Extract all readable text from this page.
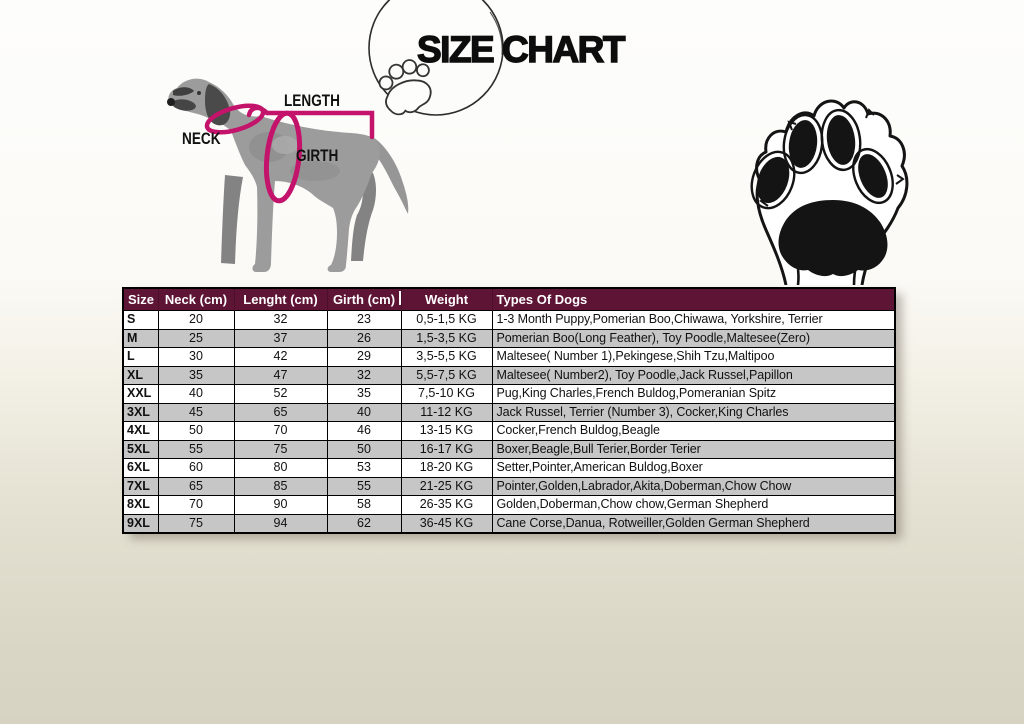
SIZE CHART
LENGTH
NECK
GIRTH
Size	Neck (cm)	Lenght (cm)	Girth (cm)	Weight	Types Of Dogs
S	20	32	23	0,5-1,5 KG	1-3 Month Puppy,Pomerian Boo,Chiwawa, Yorkshire, Terrier
M	25	37	26	1,5-3,5 KG	Pomerian Boo(Long Feather), Toy Poodle,Maltesee(Zero)
L	30	42	29	3,5-5,5 KG	Maltesee( Number 1),Pekingese,Shih Tzu,Maltipoo
XL	35	47	32	5,5-7,5 KG	Maltesee( Number2), Toy Poodle,Jack Russel,Papillon
XXL	40	52	35	7,5-10 KG	Pug,King Charles,French Buldog,Pomeranian Spitz
3XL	45	65	40	11-12 KG	Jack Russel, Terrier (Number 3), Cocker,King Charles
4XL	50	70	46	13-15 KG	Cocker,French Buldog,Beagle
5XL	55	75	50	16-17 KG	Boxer,Beagle,Bull Terier,Border Terier
6XL	60	80	53	18-20 KG	Setter,Pointer,American Buldog,Boxer
7XL	65	85	55	21-25 KG	Pointer,Golden,Labrador,Akita,Doberman,Chow Chow
8XL	70	90	58	26-35 KG	Golden,Doberman,Chow chow,German Shepherd
9XL	75	94	62	36-45 KG	Cane Corse,Danua, Rotweiller,Golden German Shepherd
